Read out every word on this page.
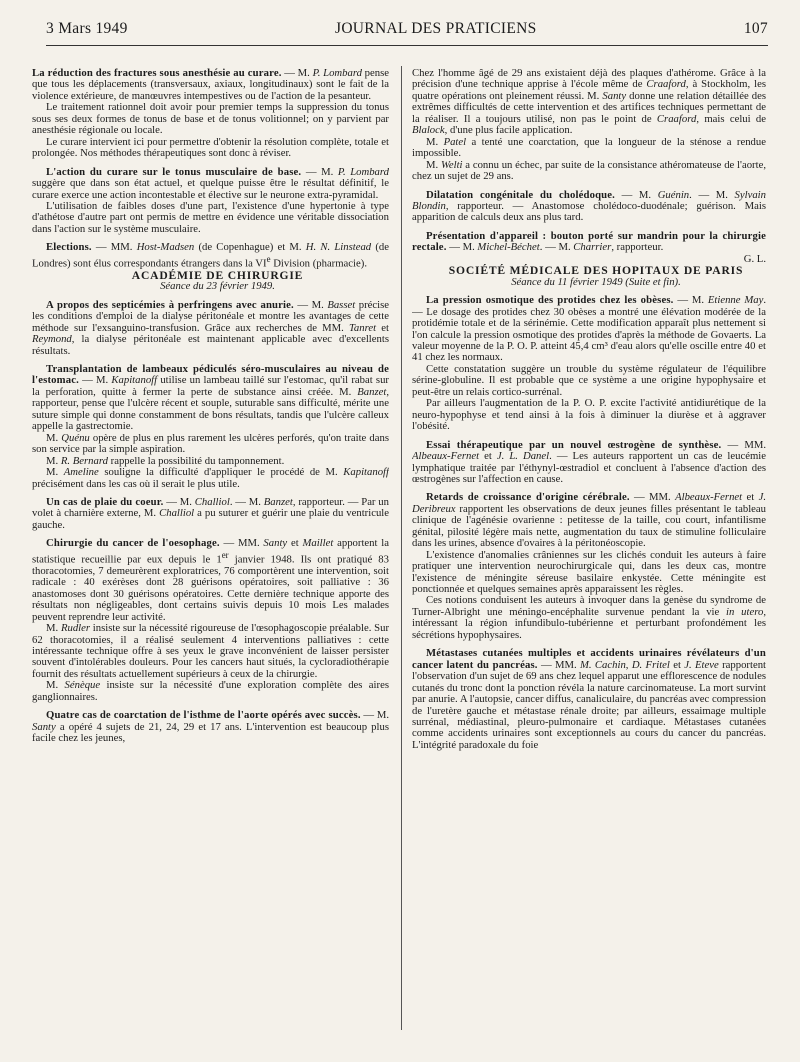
3 Mars 1949	JOURNAL DES PRATICIENS	107

La réduction des fractures sous anesthésie au curare. — M. P. Lombard pense que tous les déplacements (transversaux, axiaux, longitudinaux) sont le fait de la violence extérieure, de manœuvres intempestives ou de l'action de la pesanteur.

Le traitement rationnel doit avoir pour premier temps la suppression du tonus sous ses deux formes de tonus de base et de tonus volitionnel; on y parvient par anesthésie régionale ou locale.

Le curare intervient ici pour permettre d'obtenir la résolution complète, totale et prolongée. Nos méthodes thérapeutiques sont donc à réviser.

L'action du curare sur le tonus musculaire de base. — M. P. Lombard suggère que dans son état actuel, et quelque puisse être le résultat définitif, le curare exerce une action incontestable et élective sur le neurone extra-pyramidal.

L'utilisation de faibles doses d'une part, l'existence d'une hypertonie à type d'athétose d'autre part ont permis de mettre en évidence une véritable dissociation dans l'action sur le système musculaire.

Elections. — MM. Host-Madsen (de Copenhague) et M. H. N. Linstead (de Londres) sont élus correspondants étrangers dans la VIe Division (pharmacie).

ACADÉMIE DE CHIRURGIE

Séance du 23 février 1949.

A propos des septicémies à perfringens avec anurie. — M. Basset précise les conditions d'emploi de la dialyse péritonéale et montre les avantages de cette méthode sur l'exsanguino-transfusion. Grâce aux recherches de MM. Tanret et Reymond, la dialyse péritonéale est maintenant applicable avec d'excellents résultats.

Transplantation de lambeaux pédiculés séro-musculaires au niveau de l'estomac. — M. Kapitanoff utilise un lambeau taillé sur l'estomac, qu'il rabat sur la perforation, quitte à fermer la perte de substance ainsi créée. M. Banzet, rapporteur, pense que l'ulcère récent et souple, suturable sans difficulté, mérite une suture simple qui donne constamment de bons résultats, tandis que l'ulcère calleux appelle la gastrectomie.

M. Quénu opère de plus en plus rarement les ulcères perforés, qu'on traite dans son service par la simple aspiration.

M. R. Bernard rappelle la possibilité du tamponnement.

M. Ameline souligne la difficulté d'appliquer le procédé de M. Kapitanoff précisément dans les cas où il serait le plus utile.

Un cas de plaie du coeur. — M. Challiol. — M. Banzet, rapporteur. — Par un volet à charnière externe, M. Challiol a pu suturer et guérir une plaie du ventricule gauche.

Chirurgie du cancer de l'oesophage. — MM. Santy et Maillet apportent la statistique recueillie par eux depuis le 1er janvier 1948. Ils ont pratiqué 83 thoracotomies, 7 demeurèrent exploratrices, 76 comportèrent une intervention, soit radicale : 40 exérèses dont 28 guérisons opératoires, soit palliative : 36 anastomoses dont 30 guérisons opératoires. Cette dernière technique apporte des résultats non négligeables, dont certains suivis depuis 10 mois Les malades peuvent reprendre leur activité.

M. Rudler insiste sur la nécessité rigoureuse de l'œsophagoscopie préalable. Sur 62 thoracotomies, il a réalisé seulement 4 interventions palliatives : cette intéressante technique offre à ses yeux le grave inconvénient de laisser persister souvent d'intolérables douleurs. Pour les cancers haut situés, la cycloradiothérapie fournit des résultats actuellement supérieurs à ceux de la chirurgie.

M. Sénèque insiste sur la nécessité d'une exploration complète des aires ganglionnaires.

Quatre cas de coarctation de l'isthme de l'aorte opérés avec succès. — M. Santy a opéré 4 sujets de 21, 24, 29 et 17 ans. L'intervention est beaucoup plus facile chez les jeunes,

Chez l'homme âgé de 29 ans existaient déjà des plaques d'athérome. Grâce à la précision d'une technique apprise à l'école même de Craaford, à Stockholm, les quatre opérations ont pleinement réussi. M. Santy donne une relation détaillée des extrêmes difficultés de cette intervention et des artifices techniques permettant de la réaliser. Il a toujours utilisé, non pas le point de Craaford, mais celui de Blalock, d'une plus facile application.

M. Patel a tenté une coarctation, que la longueur de la sténose a rendue impossible.

M. Welti a connu un échec, par suite de la consistance athéromateuse de l'aorte, chez un sujet de 29 ans.

Dilatation congénitale du cholédoque. — M. Guénin. — M. Sylvain Blondin, rapporteur. — Anastomose cholédoco-duodénale; guérison. Mais apparition de calculs deux ans plus tard.

Présentation d'appareil : bouton porté sur mandrin pour la chirurgie rectale. — M. Michel-Béchet. — M. Charrier, rapporteur.

G. L.

SOCIÉTÉ MÉDICALE DES HOPITAUX DE PARIS

Séance du 11 février 1949 (Suite et fin).

La pression osmotique des protides chez les obèses. — M. Etienne May. — Le dosage des protides chez 30 obèses a montré une élévation modérée de la protidémie totale et de la sérinémie. Cette modification apparaît plus nettement si l'on calcule la pression osmotique des protides d'après la méthode de Govaerts. La valeur moyenne de la P. O. P. atteint 45,4 cm³ d'eau alors qu'elle oscille entre 40 et 41 chez les normaux.

Cette constatation suggère un trouble du système régulateur de l'équilibre sérine-globuline. Il est probable que ce système a une origine hypophysaire et peut-être un relais cortico-surrénal.

Par ailleurs l'augmentation de la P. O. P. excite l'activité antidiurétique de la neuro-hypophyse et tend ainsi à la fois à diminuer la diurèse et à aggraver l'obésité.

Essai thérapeutique par un nouvel œstrogène de synthèse. — MM. Albeaux-Fernet et J. L. Danel. — Les auteurs rapportent un cas de leucémie lymphatique traitée par l'éthynyl-œstradiol et concluent à l'absence d'action des œstrogènes sur l'affection en cause.

Retards de croissance d'origine cérébrale. — MM. Albeaux-Fernet et J. Deribreux rapportent les observations de deux jeunes filles présentant le tableau clinique de l'agénésie ovarienne : petitesse de la taille, cou court, infantilisme génital, pilosité légère mais nette, augmentation du taux de stimuline folliculaire dans les urines, absence d'ovaires à la péritonéoscopie.

L'existence d'anomalies crâniennes sur les clichés conduit les auteurs à faire pratiquer une intervention neurochirurgicale qui, dans les deux cas, montre l'existence de méningite séreuse basilaire enkystée. Cette méningite est ponctionnée et quelques semaines après apparaissent les règles.

Ces notions conduisent les auteurs à invoquer dans la genèse du syndrome de Turner-Albright une méningo-encéphalite survenue pendant la vie in utero, intéressant la région infundibulo-tubérienne et perturbant profondément les sécrétions hypophysaires.

Métastases cutanées multiples et accidents urinaires révélateurs d'un cancer latent du pancréas. — MM. M. Cachin, D. Fritel et J. Eteve rapportent l'observation d'un sujet de 69 ans chez lequel apparut une efflorescence de nodules cutanés du tronc dont la ponction révéla la nature carcinomateuse. La mort survint par anurie. A l'autopsie, cancer diffus, canaliculaire, du pancréas avec compression de l'uretère gauche et métastase rénale droite; par ailleurs, essaimage multiple surrénal, médiastinal, pleuro-pulmonaire et cardiaque. Métastases cutanées comme accidents urinaires sont exceptionnels au cours du cancer du pancréas. L'intégrité paradoxale du foie
